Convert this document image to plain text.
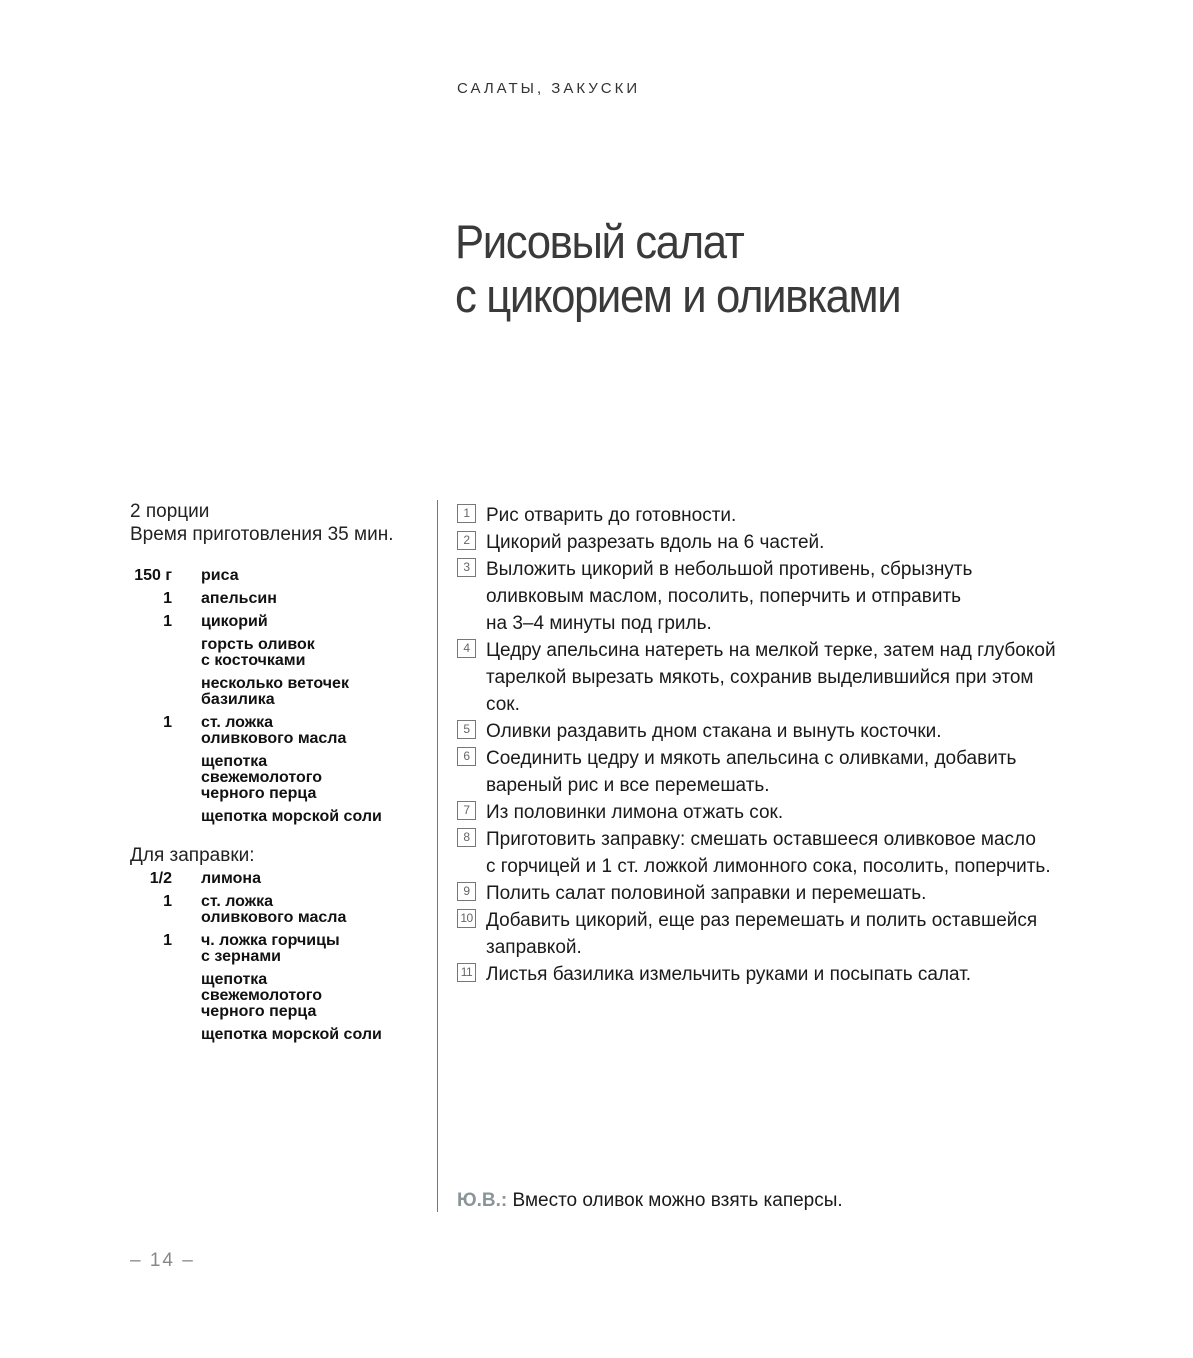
САЛАТЫ, ЗАКУСКИ
Рисовый салат
с цикорием и оливками
2 порции
Время приготовления 35 мин.
150 г риса
1 апельсин
1 цикорий
горсть оливок
с косточками
несколько веточек
базилика
1 ст. ложка
оливкового масла
щепотка
свежемолотого
черного перца
щепотка морской соли
Для заправки:
1/2 лимона
1 ст. ложка
оливкового масла
1 ч. ложка горчицы
с зернами
щепотка
свежемолотого
черного перца
щепотка морской соли
1 Рис отварить до готовности.
2 Цикорий разрезать вдоль на 6 частей.
3 Выложить цикорий в небольшой противень, сбрызнуть
оливковым маслом, посолить, поперчить и отправить
на 3–4 минуты под гриль.
4 Цедру апельсина натереть на мелкой терке, затем над глубокой
тарелкой вырезать мякоть, сохранив выделившийся при этом
сок.
5 Оливки раздавить дном стакана и вынуть косточки.
6 Соединить цедру и мякоть апельсина с оливками, добавить
вареный рис и все перемешать.
7 Из половинки лимона отжать сок.
8 Приготовить заправку: смешать оставшееся оливковое масло
с горчицей и 1 ст. ложкой лимонного сока, посолить, поперчить.
9 Полить салат половиной заправки и перемешать.
10 Добавить цикорий, еще раз перемешать и полить оставшейся
заправкой.
11 Листья базилика измельчить руками и посыпать салат.
Ю.В.: Вместо оливок можно взять каперсы.
– 14 –
